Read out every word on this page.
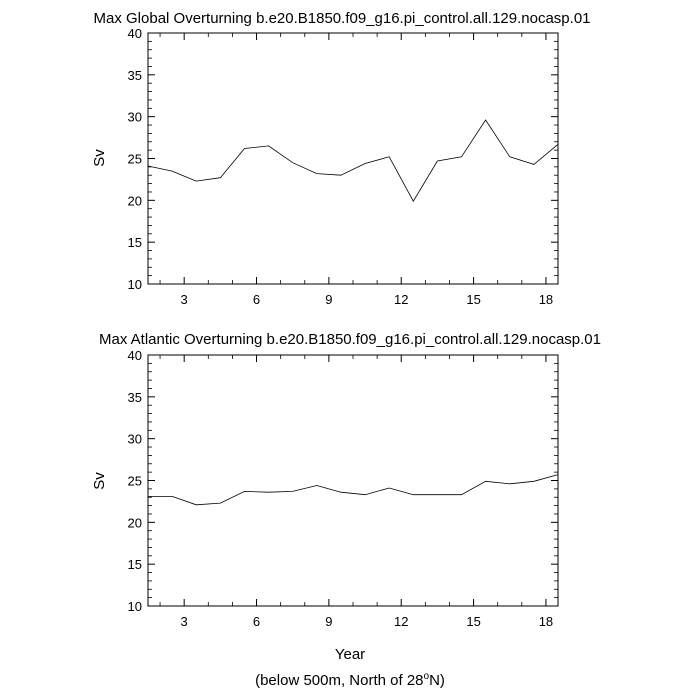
Max Global Overturning b.e20.B1850.f09_g16.pi_control.all.129.nocasp.01
Sv
10
15
20
25
30
35
40
3	6	9	12	15	18
Max Atlantic Overturning b.e20.B1850.f09_g16.pi_control.all.129.nocasp.01
Sv
10
15
20
25
30
35
40
3	6	9	12	15	18
Year
(below 500m, North of 28$^o$N)
